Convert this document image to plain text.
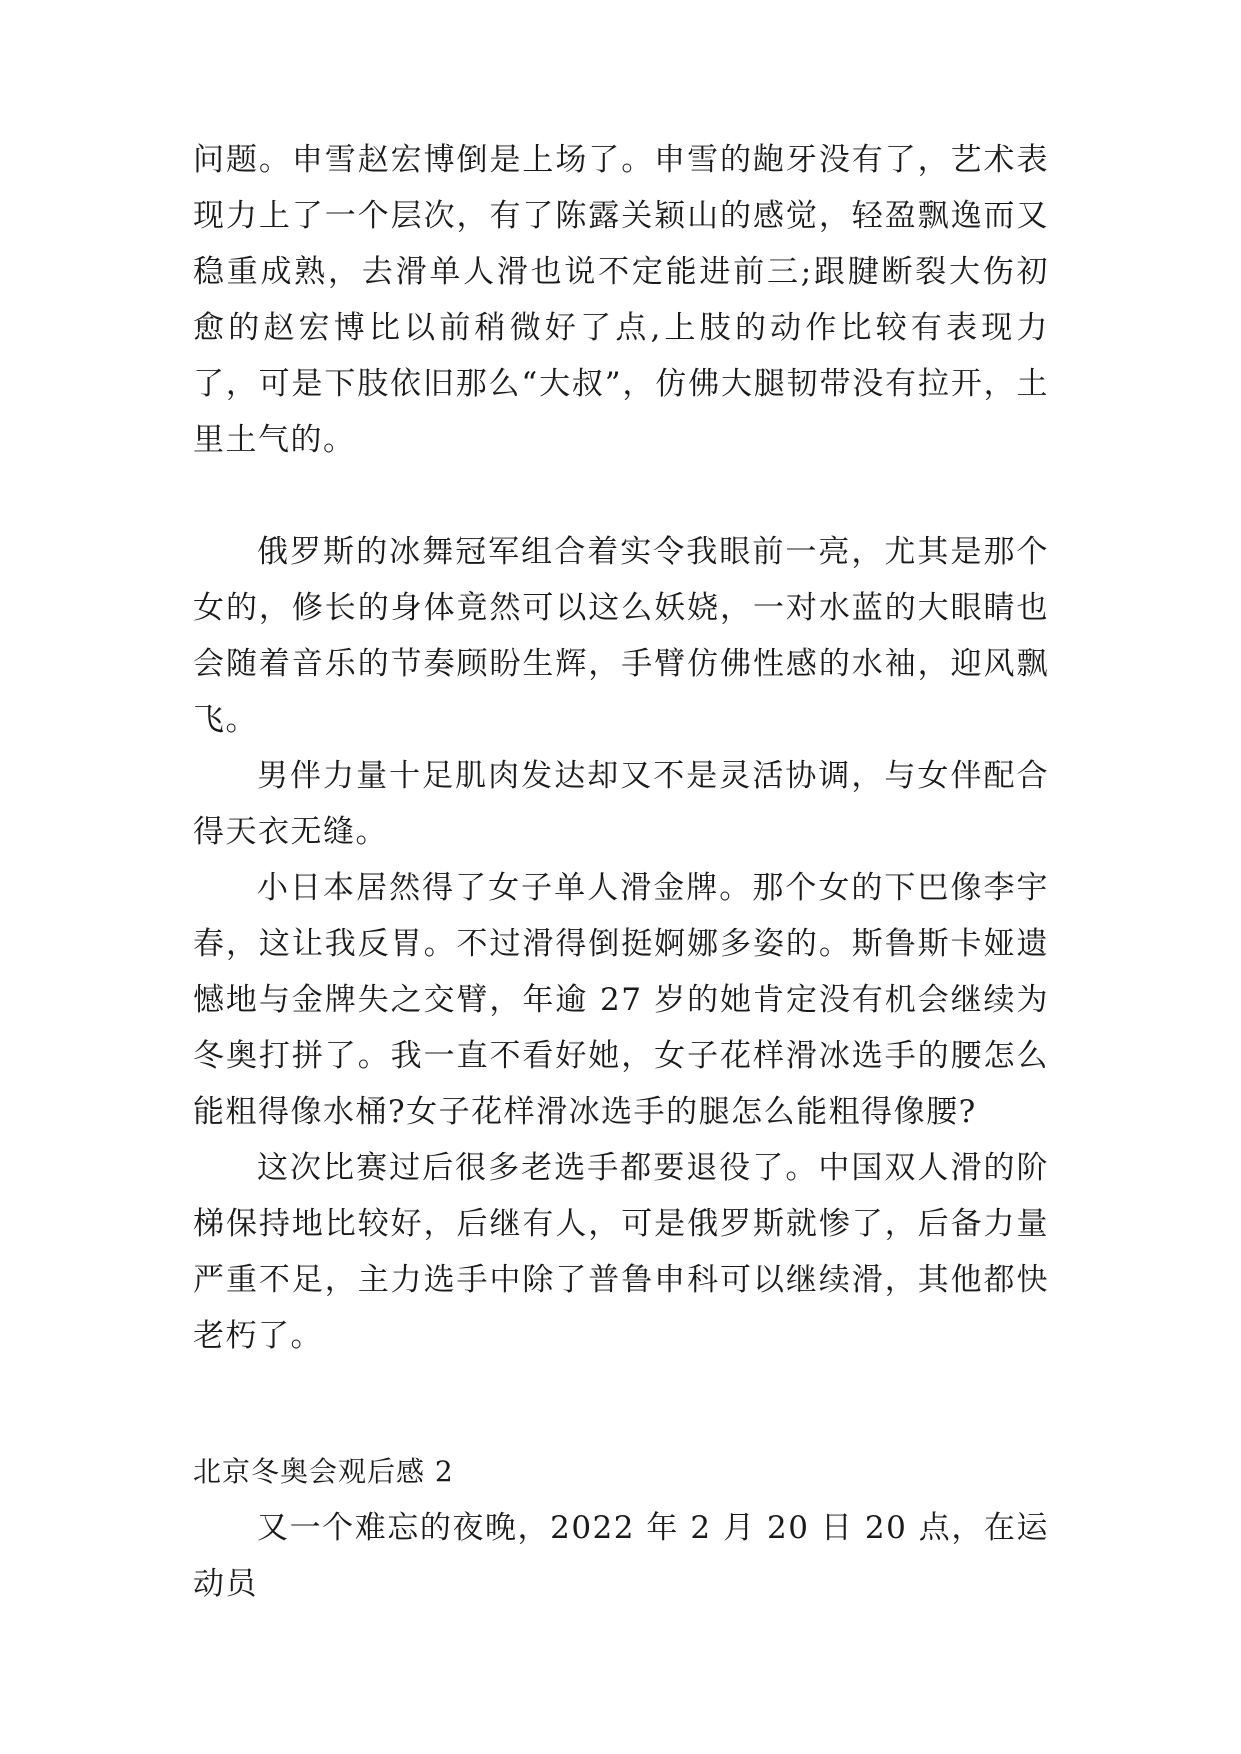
问题。申雪赵宏博倒是上场了。申雪的龅牙没有了，艺术表现力上了一个层次，有了陈露关颖山的感觉，轻盈飘逸而又稳重成熟，去滑单人滑也说不定能进前三;跟腱断裂大伤初愈的赵宏博比以前稍微好了点,上肢的动作比较有表现力了，可是下肢依旧那么“大叔”，仿佛大腿韧带没有拉开，土里土气的。

俄罗斯的冰舞冠军组合着实令我眼前一亮，尤其是那个女的，修长的身体竟然可以这么妖娆，一对水蓝的大眼睛也会随着音乐的节奏顾盼生辉，手臂仿佛性感的水袖，迎风飘飞。

男伴力量十足肌肉发达却又不是灵活协调，与女伴配合得天衣无缝。

小日本居然得了女子单人滑金牌。那个女的下巴像李宇春，这让我反胃。不过滑得倒挺婀娜多姿的。斯鲁斯卡娅遗憾地与金牌失之交臂，年逾 27 岁的她肯定没有机会继续为冬奥打拼了。我一直不看好她，女子花样滑冰选手的腰怎么能粗得像水桶?女子花样滑冰选手的腿怎么能粗得像腰?

这次比赛过后很多老选手都要退役了。中国双人滑的阶梯保持地比较好，后继有人，可是俄罗斯就惨了，后备力量严重不足，主力选手中除了普鲁申科可以继续滑，其他都快老朽了。

北京冬奥会观后感 2

又一个难忘的夜晚，2022 年 2 月 20 日 20 点，在运动员
